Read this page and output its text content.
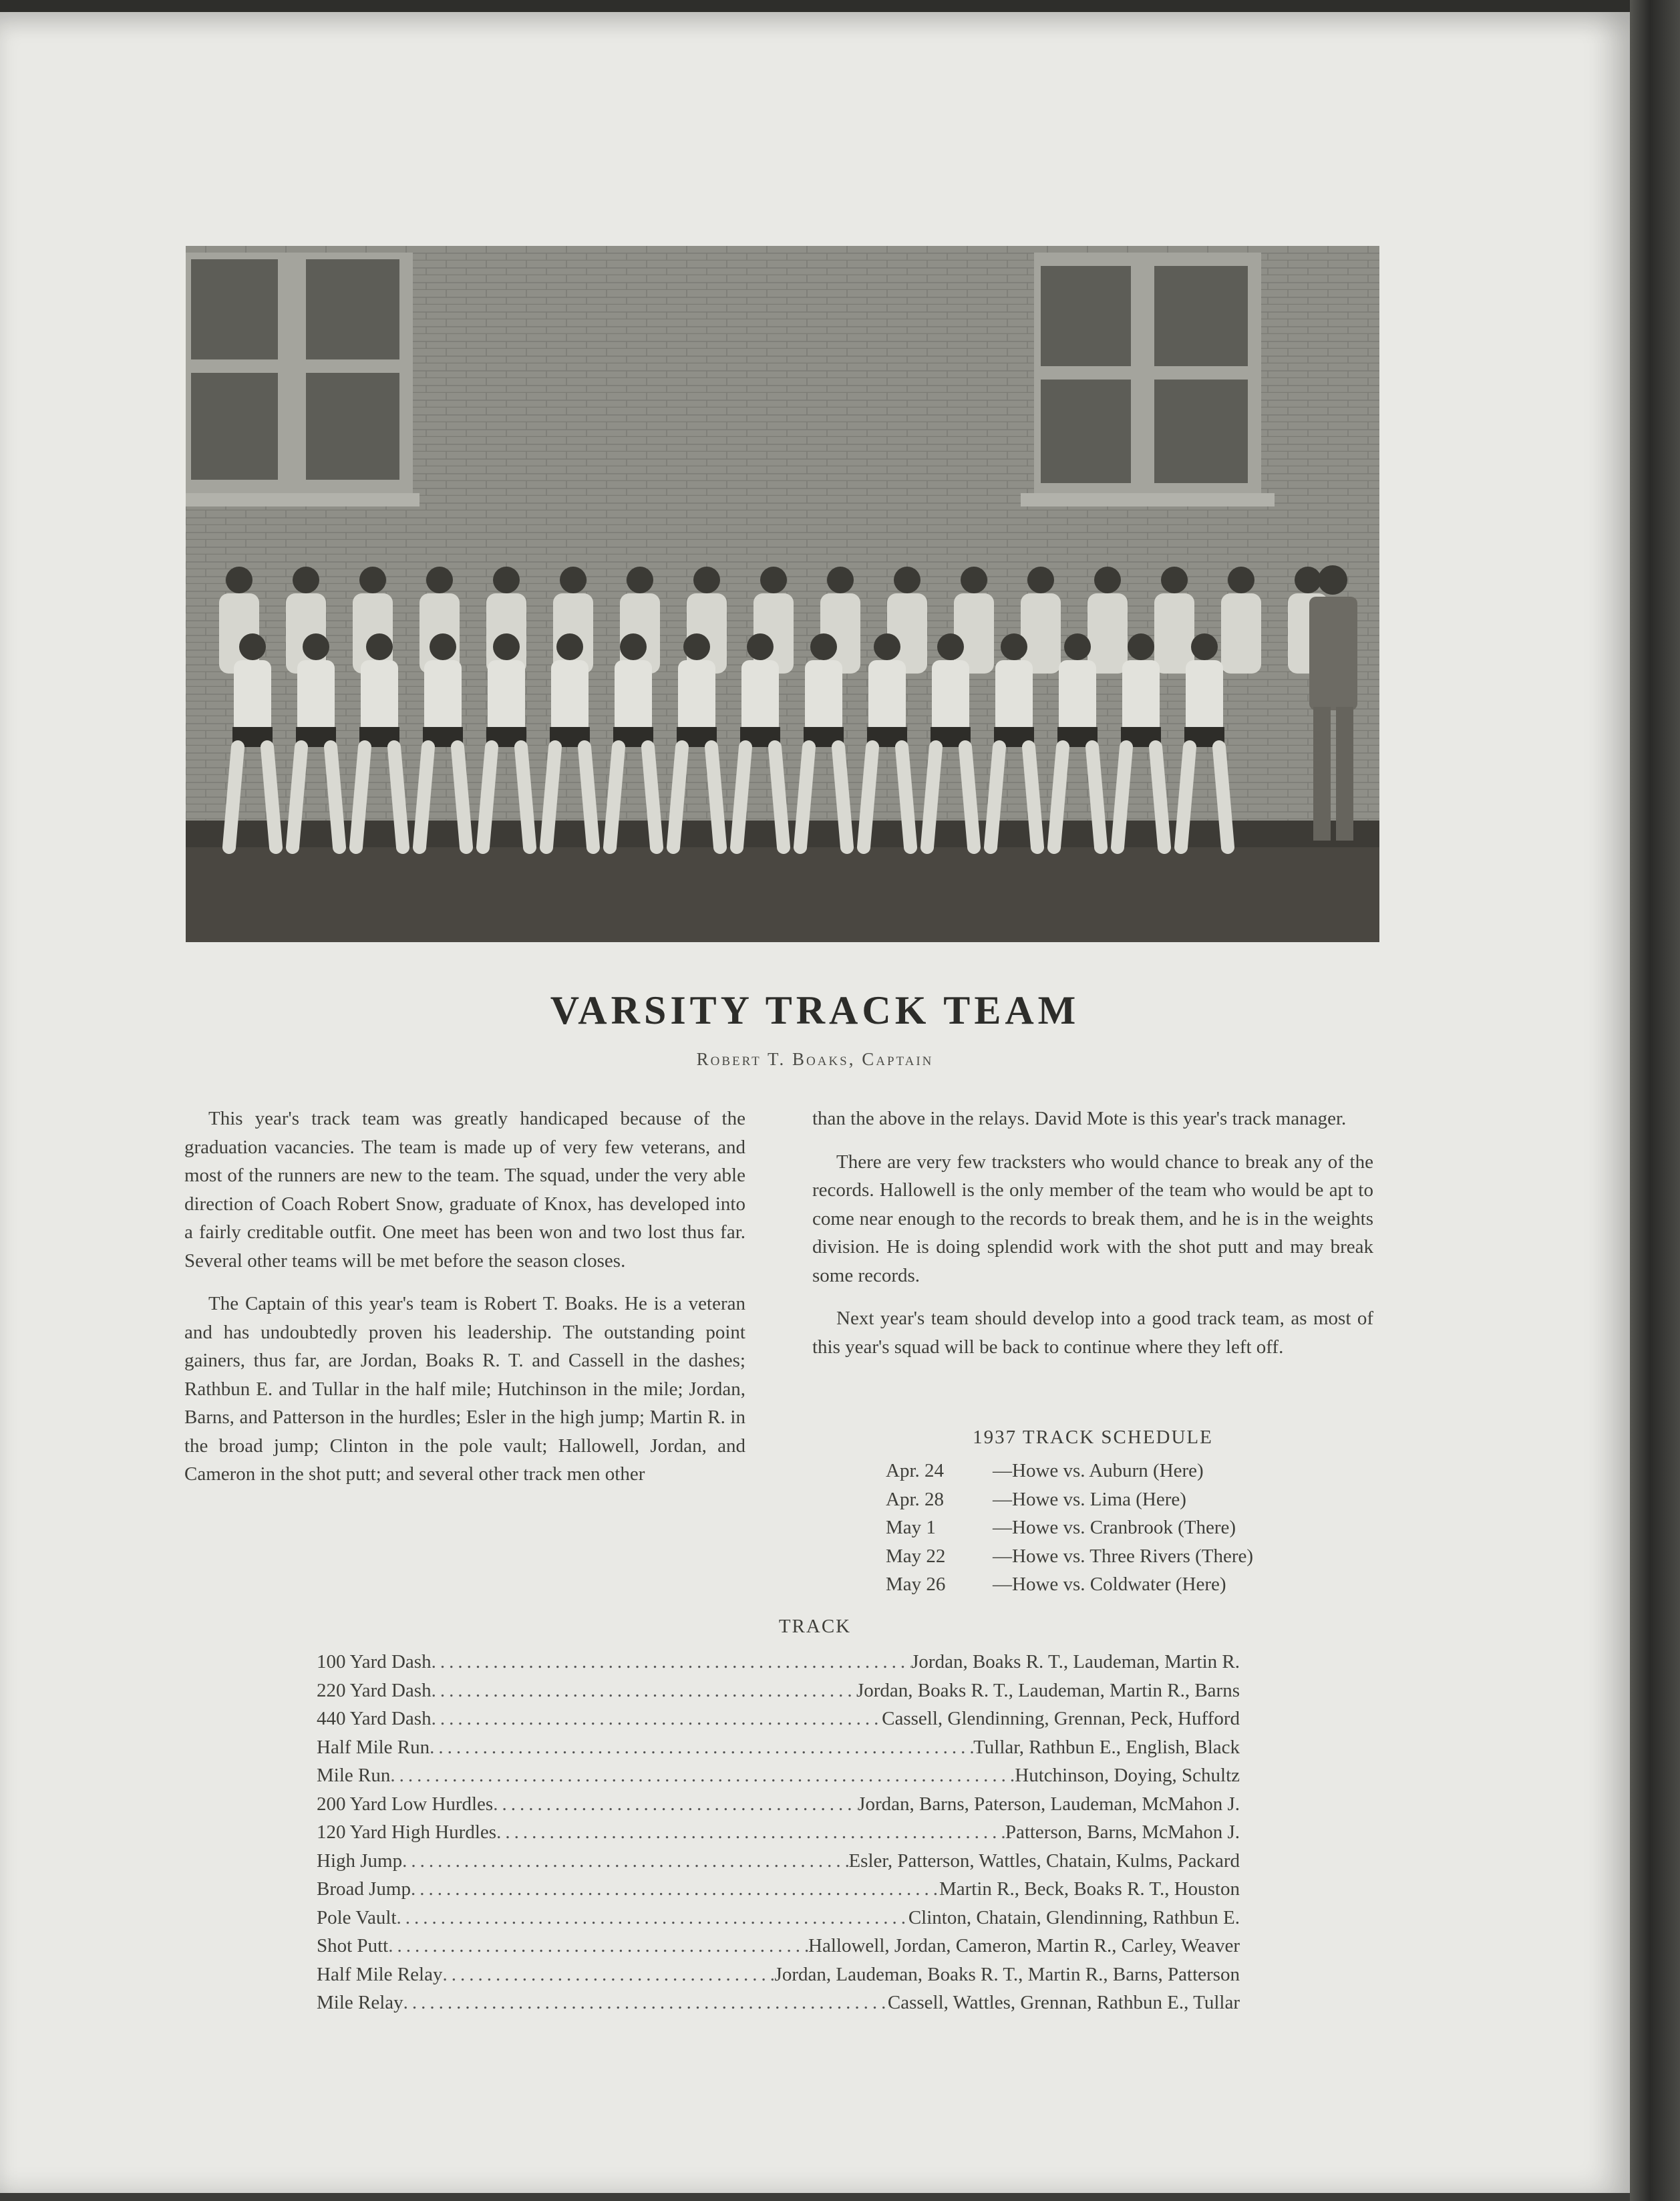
VARSITY TRACK TEAM
Robert T. Boaks, Captain

This year's track team was greatly handicaped because of the graduation vacancies. The team is made up of very few veterans, and most of the runners are new to the team. The squad, under the very able direction of Coach Robert Snow, graduate of Knox, has developed into a fairly creditable outfit. One meet has been won and two lost thus far. Several other teams will be met before the season closes.

The Captain of this year's team is Robert T. Boaks. He is a veteran and has undoubtedly proven his leadership. The outstanding point gainers, thus far, are Jordan, Boaks R. T. and Cassell in the dashes; Rathbun E. and Tullar in the half mile; Hutchinson in the mile; Jordan, Barns, and Patterson in the hurdles; Esler in the high jump; Martin R. in the broad jump; Clinton in the pole vault; Hallowell, Jordan, and Cameron in the shot putt; and several other track men other

than the above in the relays. David Mote is this year's track manager.

There are very few tracksters who would chance to break any of the records. Hallowell is the only member of the team who would be apt to come near enough to the records to break them, and he is in the weights division. He is doing splendid work with the shot putt and may break some records.

Next year's team should develop into a good track team, as most of this year's squad will be back to continue where they left off.

1937 TRACK SCHEDULE
Apr. 24	—Howe vs. Auburn (Here)
Apr. 28	—Howe vs. Lima (Here)
May 1	—Howe vs. Cranbrook (There)
May 22 —Howe vs. Three Rivers (There)
May 26 —Howe vs. Coldwater (Here)
TRACK
100 Yard Dash .....	Jordan, Boaks R. T., Laudeman, Martin R.
220 Yard Dash .....	Jordan, Boaks R. T., Laudeman, Martin R., Barns
440 Yard Dash .....	Cassell, Glendinning, Grennan, Peck, Hufford
Half Mile Run .....	Tullar, Rathbun E., English, Black
Mile Run .....	Hutchinson, Doying, Schultz
200 Yard Low Hurdles .....	Jordan, Barns, Paterson, Laudeman, McMahon J.
120 Yard High Hurdles .....	Patterson, Barns, McMahon J.
High Jump .....	Esler, Patterson, Wattles, Chatain, Kulms, Packard
Broad Jump .....	Martin R., Beck, Boaks R. T., Houston
Pole Vault .....	Clinton, Chatain, Glendinning, Rathbun E.
Shot Putt .....	Hallowell, Jordan, Cameron, Martin R., Carley, Weaver
Half Mile Relay .....	Jordan, Laudeman, Boaks R. T., Martin R., Barns, Patterson
Mile Relay .....	Cassell, Wattles, Grennan, Rathbun E., Tullar
